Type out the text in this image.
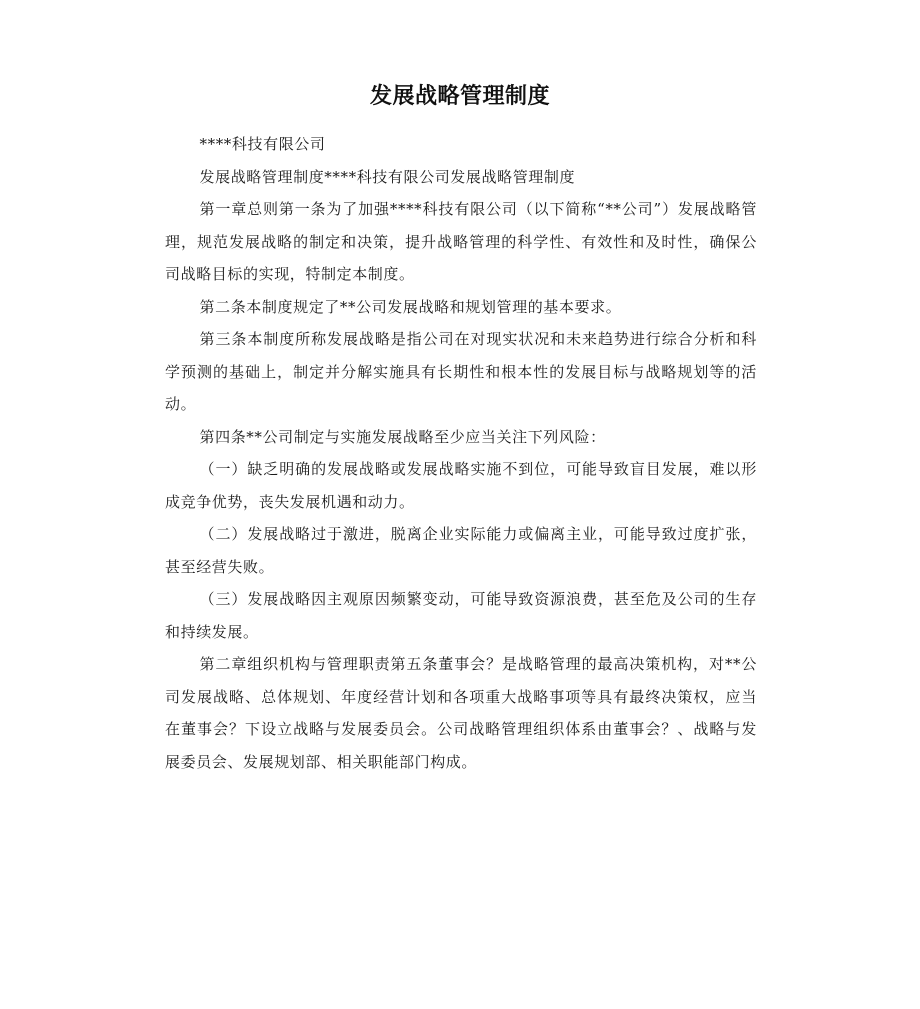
发展战略管理制度

****科技有限公司

发展战略管理制度****科技有限公司发展战略管理制度

第一章总则第一条为了加强****科技有限公司（以下简称“**公司”）发展战略管理，规范发展战略的制定和决策，提升战略管理的科学性、有效性和及时性，确保公司战略目标的实现，特制定本制度。

第二条本制度规定了**公司发展战略和规划管理的基本要求。

第三条本制度所称发展战略是指公司在对现实状况和未来趋势进行综合分析和科学预测的基础上，制定并分解实施具有长期性和根本性的发展目标与战略规划等的活动。

第四条**公司制定与实施发展战略至少应当关注下列风险：

（一）缺乏明确的发展战略或发展战略实施不到位，可能导致盲目发展，难以形成竞争优势，丧失发展机遇和动力。

（二）发展战略过于激进，脱离企业实际能力或偏离主业，可能导致过度扩张，甚至经营失败。

（三）发展战略因主观原因频繁变动，可能导致资源浪费，甚至危及公司的生存和持续发展。

第二章组织机构与管理职责第五条董事会？是战略管理的最高决策机构，对**公司发展战略、总体规划、年度经营计划和各项重大战略事项等具有最终决策权，应当在董事会？下设立战略与发展委员会。公司战略管理组织体系由董事会？、战略与发展委员会、发展规划部、相关职能部门构成。
